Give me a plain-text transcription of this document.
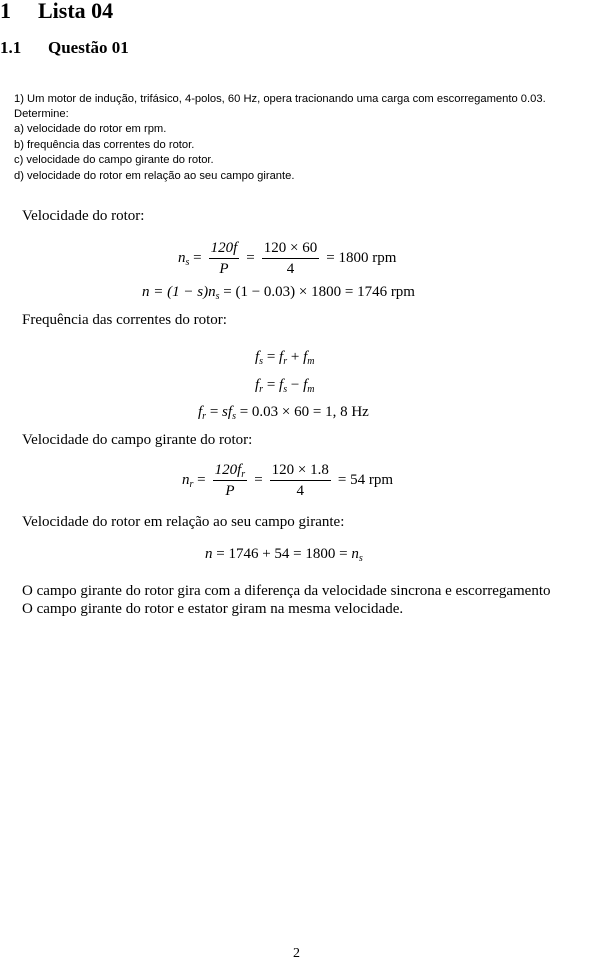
1 Lista 04
1.1 Questão 01
1) Um motor de indução, trifásico, 4-polos, 60 Hz, opera tracionando uma carga com escorregamento 0.03.
Determine:
a) velocidade do rotor em rpm.
b) frequência das correntes do rotor.
c) velocidade do campo girante do rotor.
d) velocidade do rotor em relação ao seu campo girante.
Velocidade do rotor:
$n_s = \frac{120f}{P} = \frac{120 \times 60}{4} = 1800$ rpm
$n = (1 - s)n_s = (1 - 0.03) \times 1800 = 1746$ rpm
Frequência das correntes do rotor:
$f_s = f_r + f_m$
$f_r = f_s - f_m$
$f_r = sf_s = 0.03 \times 60 = 1$, 8 Hz
Velocidade do campo girante do rotor:
$n_r = \frac{120f_r}{P} = \frac{120 \times 1.8}{4} = 54$ rpm
Velocidade do rotor em relação ao seu campo girante:
$n = 1746 + 54 = 1800 = n_s$
O campo girante do rotor gira com a diferença da velocidade sincrona e escorregamento
O campo girante do rotor e estator giram na mesma velocidade.
2
